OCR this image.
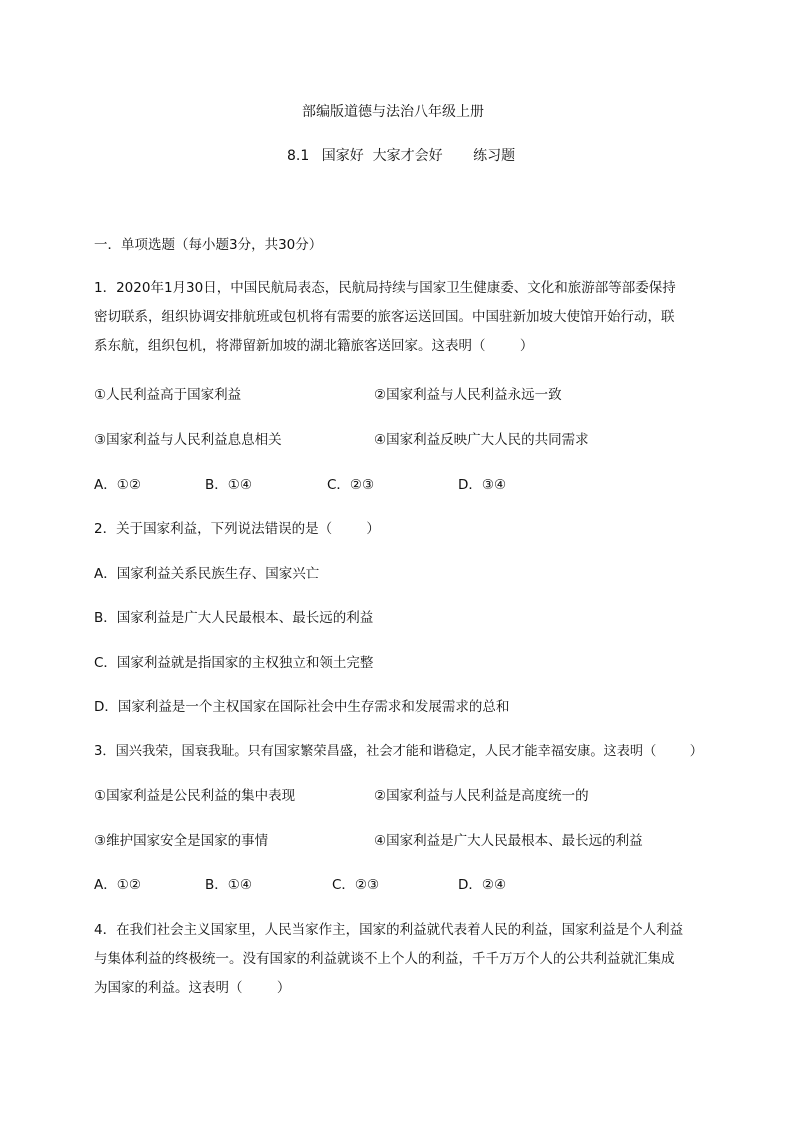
部编版道德与法治八年级上册
8.1 国家好  大家才会好 练习题
一．单项选题（每小题3分，共30分）

1．2020年1月30日，中国民航局表态，民航局持续与国家卫生健康委、文化和旅游部等部委保持

密切联系，组织协调安排航班或包机将有需要的旅客运送回国。中国驻新加坡大使馆开始行动，联

系东航，组织包机，将滞留新加坡的湖北籍旅客送回家。这表明（        ）

①人民利益高于国家利益	②国家利益与人民利益永远一致
③国家利益与人民利益息息相关	④国家利益反映广大人民的共同需求
A．①②	B．①④	C．②③	D．③④
2．关于国家利益，下列说法错误的是（        ）
A．国家利益关系民族生存、国家兴亡
B．国家利益是广大人民最根本、最长远的利益
C．国家利益就是指国家的主权独立和领土完整
D．国家利益是一个主权国家在国际社会中生存需求和发展需求的总和
3．国兴我荣，国衰我耻。只有国家繁荣昌盛，社会才能和谐稳定，人民才能幸福安康。这表明（        ）
①国家利益是公民利益的集中表现	②国家利益与人民利益是高度统一的
③维护国家安全是国家的事情	④国家利益是广大人民最根本、最长远的利益
A．①②	B．①④	C．②③	D．②④

4．在我们社会主义国家里，人民当家作主，国家的利益就代表着人民的利益，国家利益是个人利益

与集体利益的终极统一。没有国家的利益就谈不上个人的利益，千千万万个人的公共利益就汇集成

为国家的利益。这表明（        ）
